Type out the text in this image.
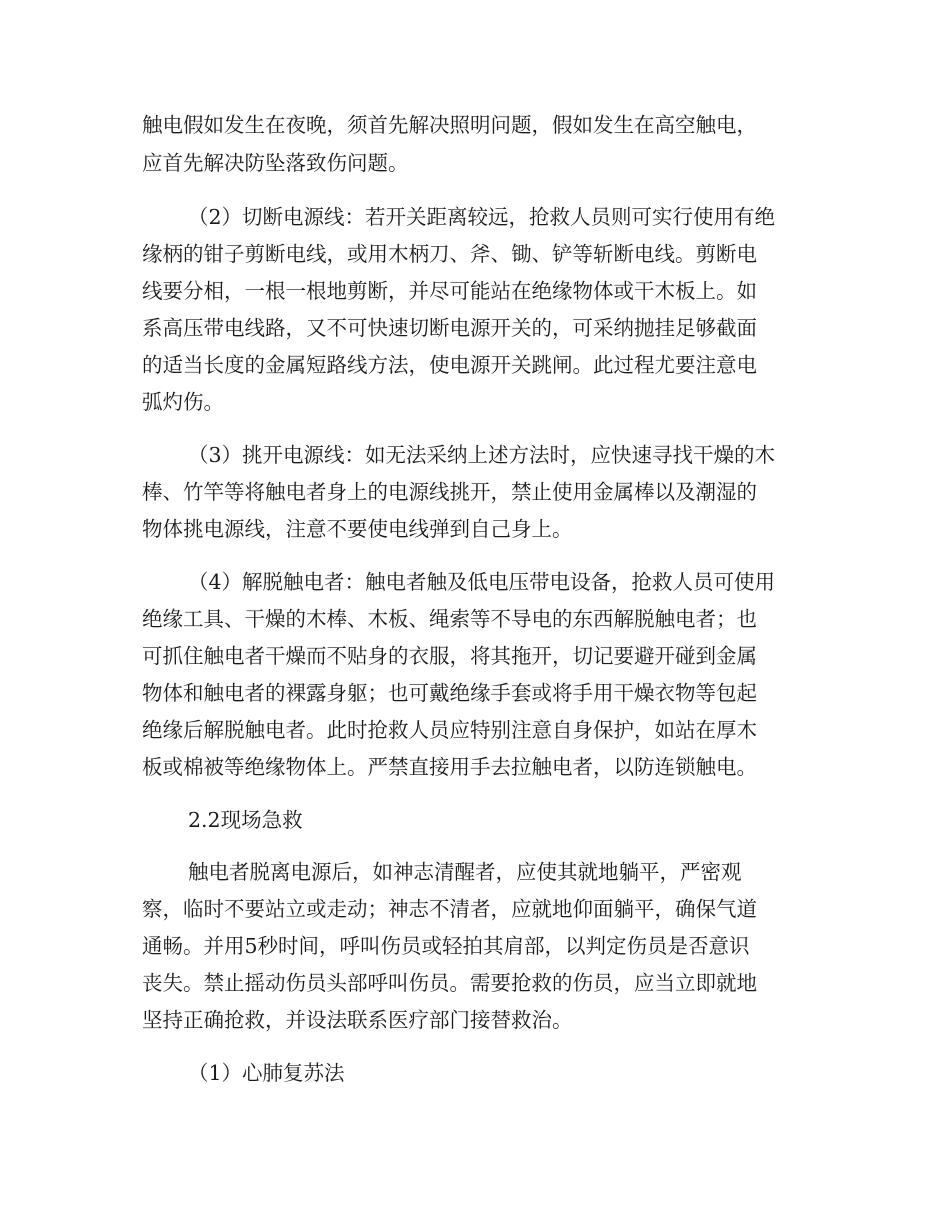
触电假如发生在夜晚，须首先解决照明问题，假如发生在高空触电，
应首先解决防坠落致伤问题。
（2）切断电源线：若开关距离较远，抢救人员则可实行使用有绝
缘柄的钳子剪断电线，或用木柄刀、斧、锄、铲等斩断电线。剪断电
线要分相，一根一根地剪断，并尽可能站在绝缘物体或干木板上。如
系高压带电线路，又不可快速切断电源开关的，可采纳抛挂足够截面
的适当长度的金属短路线方法，使电源开关跳闸。此过程尤要注意电
弧灼伤。
（3）挑开电源线：如无法采纳上述方法时，应快速寻找干燥的木
棒、竹竿等将触电者身上的电源线挑开，禁止使用金属棒以及潮湿的
物体挑电源线，注意不要使电线弹到自己身上。
（4）解脱触电者：触电者触及低电压带电设备，抢救人员可使用
绝缘工具、干燥的木棒、木板、绳索等不导电的东西解脱触电者；也
可抓住触电者干燥而不贴身的衣服，将其拖开，切记要避开碰到金属
物体和触电者的裸露身躯；也可戴绝缘手套或将手用干燥衣物等包起
绝缘后解脱触电者。此时抢救人员应特别注意自身保护，如站在厚木
板或棉被等绝缘物体上。严禁直接用手去拉触电者，以防连锁触电。
2.2现场急救
触电者脱离电源后，如神志清醒者，应使其就地躺平，严密观
察，临时不要站立或走动；神志不清者，应就地仰面躺平，确保气道
通畅。并用5秒时间，呼叫伤员或轻拍其肩部，以判定伤员是否意识
丧失。禁止摇动伤员头部呼叫伤员。需要抢救的伤员，应当立即就地
坚持正确抢救，并设法联系医疗部门接替救治。
（1）心肺复苏法
